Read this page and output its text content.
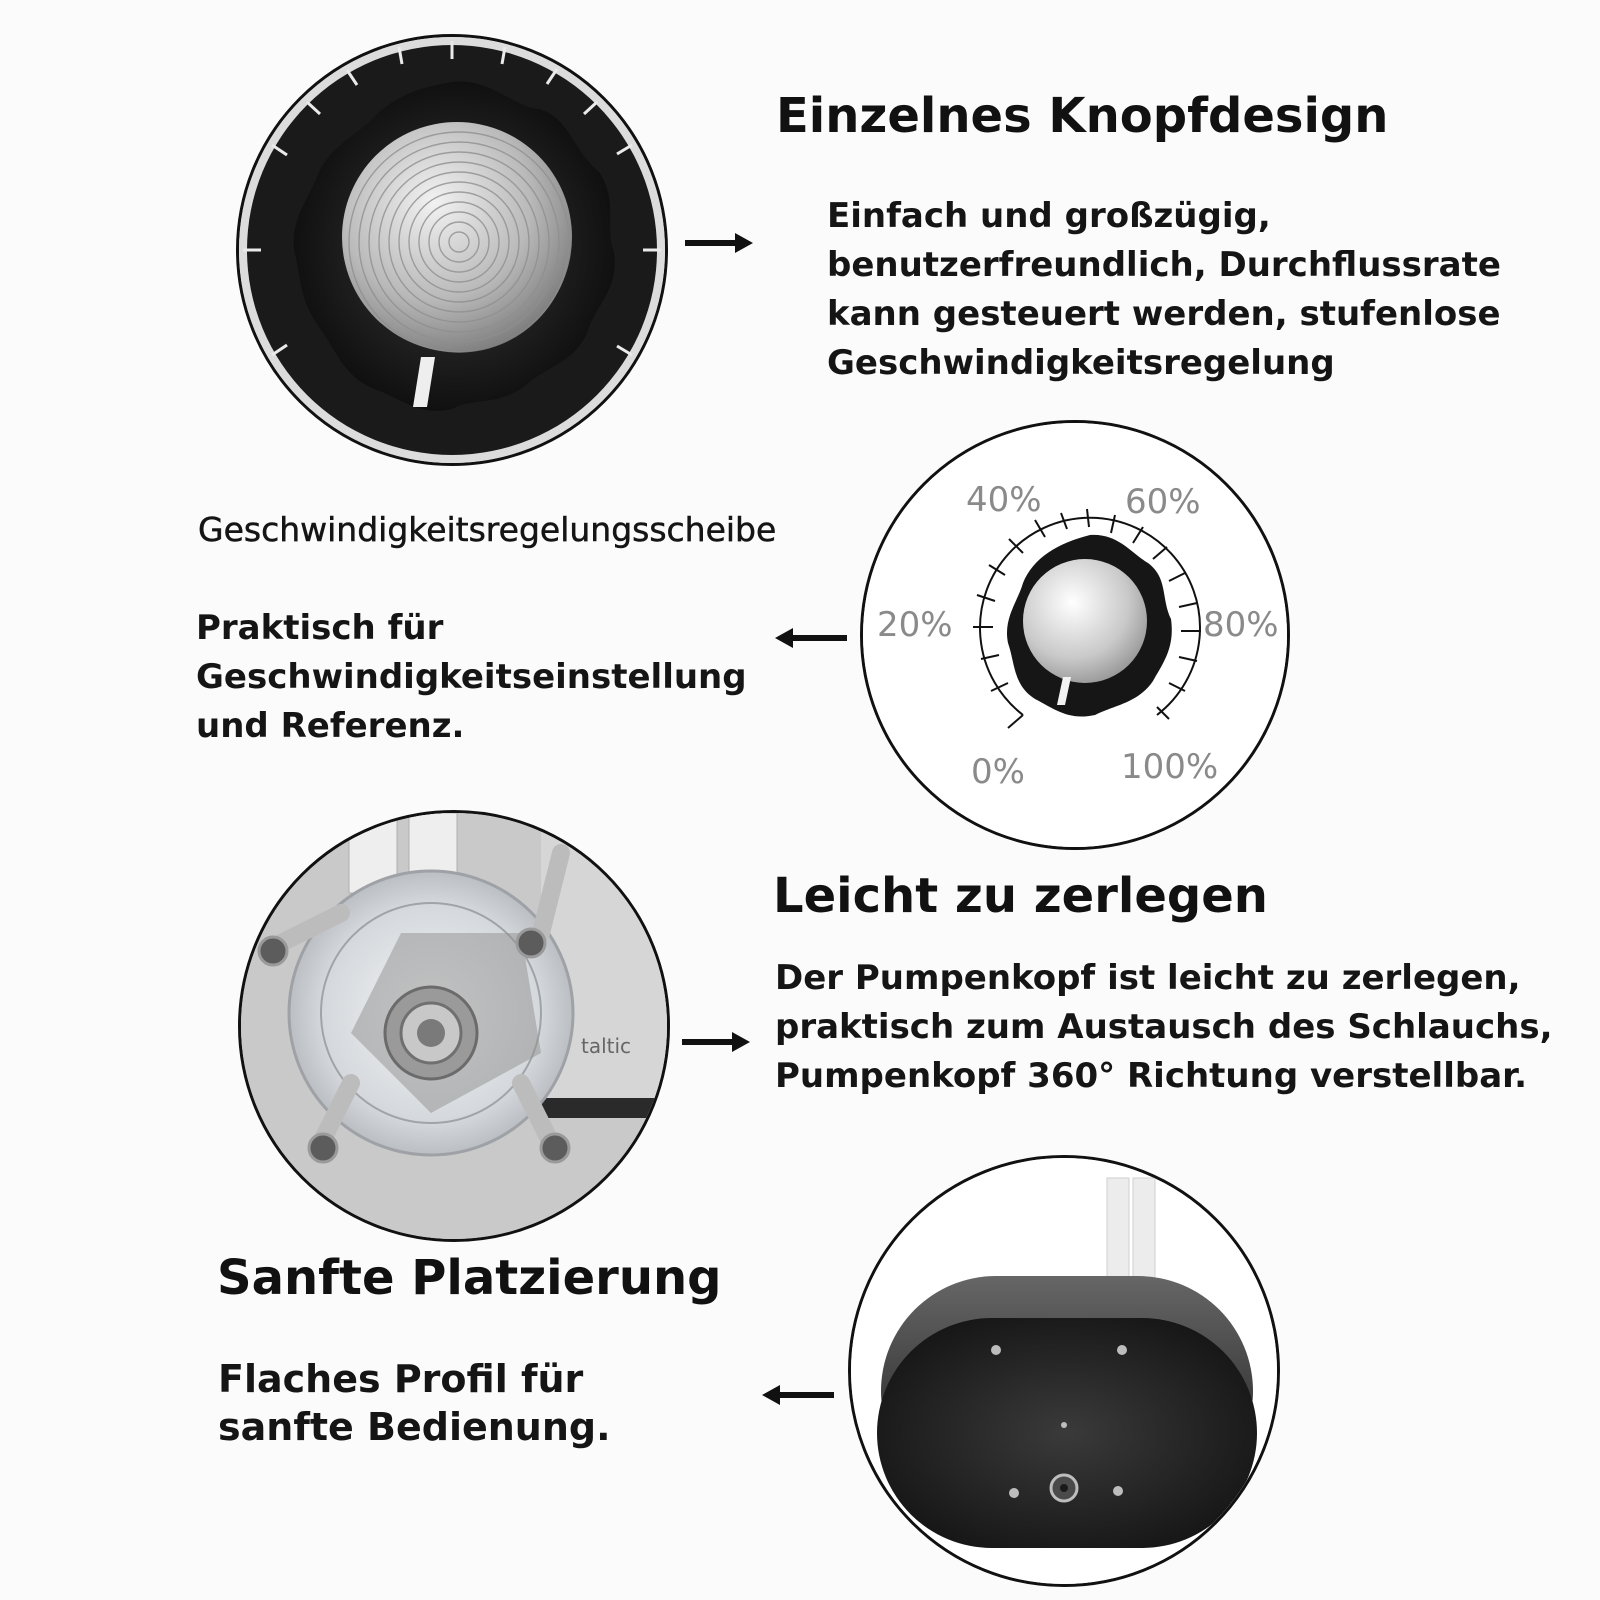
Einzelnes Knopfdesign
Einfach und großzügig, benutzerfreundlich, Durchflussrate kann gesteuert werden, stufenlose Geschwindigkeitsregelung
Geschwindigkeitsregelungsscheibe
Praktisch für Geschwindigkeitseinstellung und Referenz.
40% 60%
20%	80%
0%	100%
taltic
Leicht zu zerlegen
Der Pumpenkopf ist leicht zu zerlegen, praktisch zum Austausch des Schlauchs, Pumpenkopf 360° Richtung verstellbar.
Sanfte Platzierung
Flaches Profil für sanfte Bedienung.
